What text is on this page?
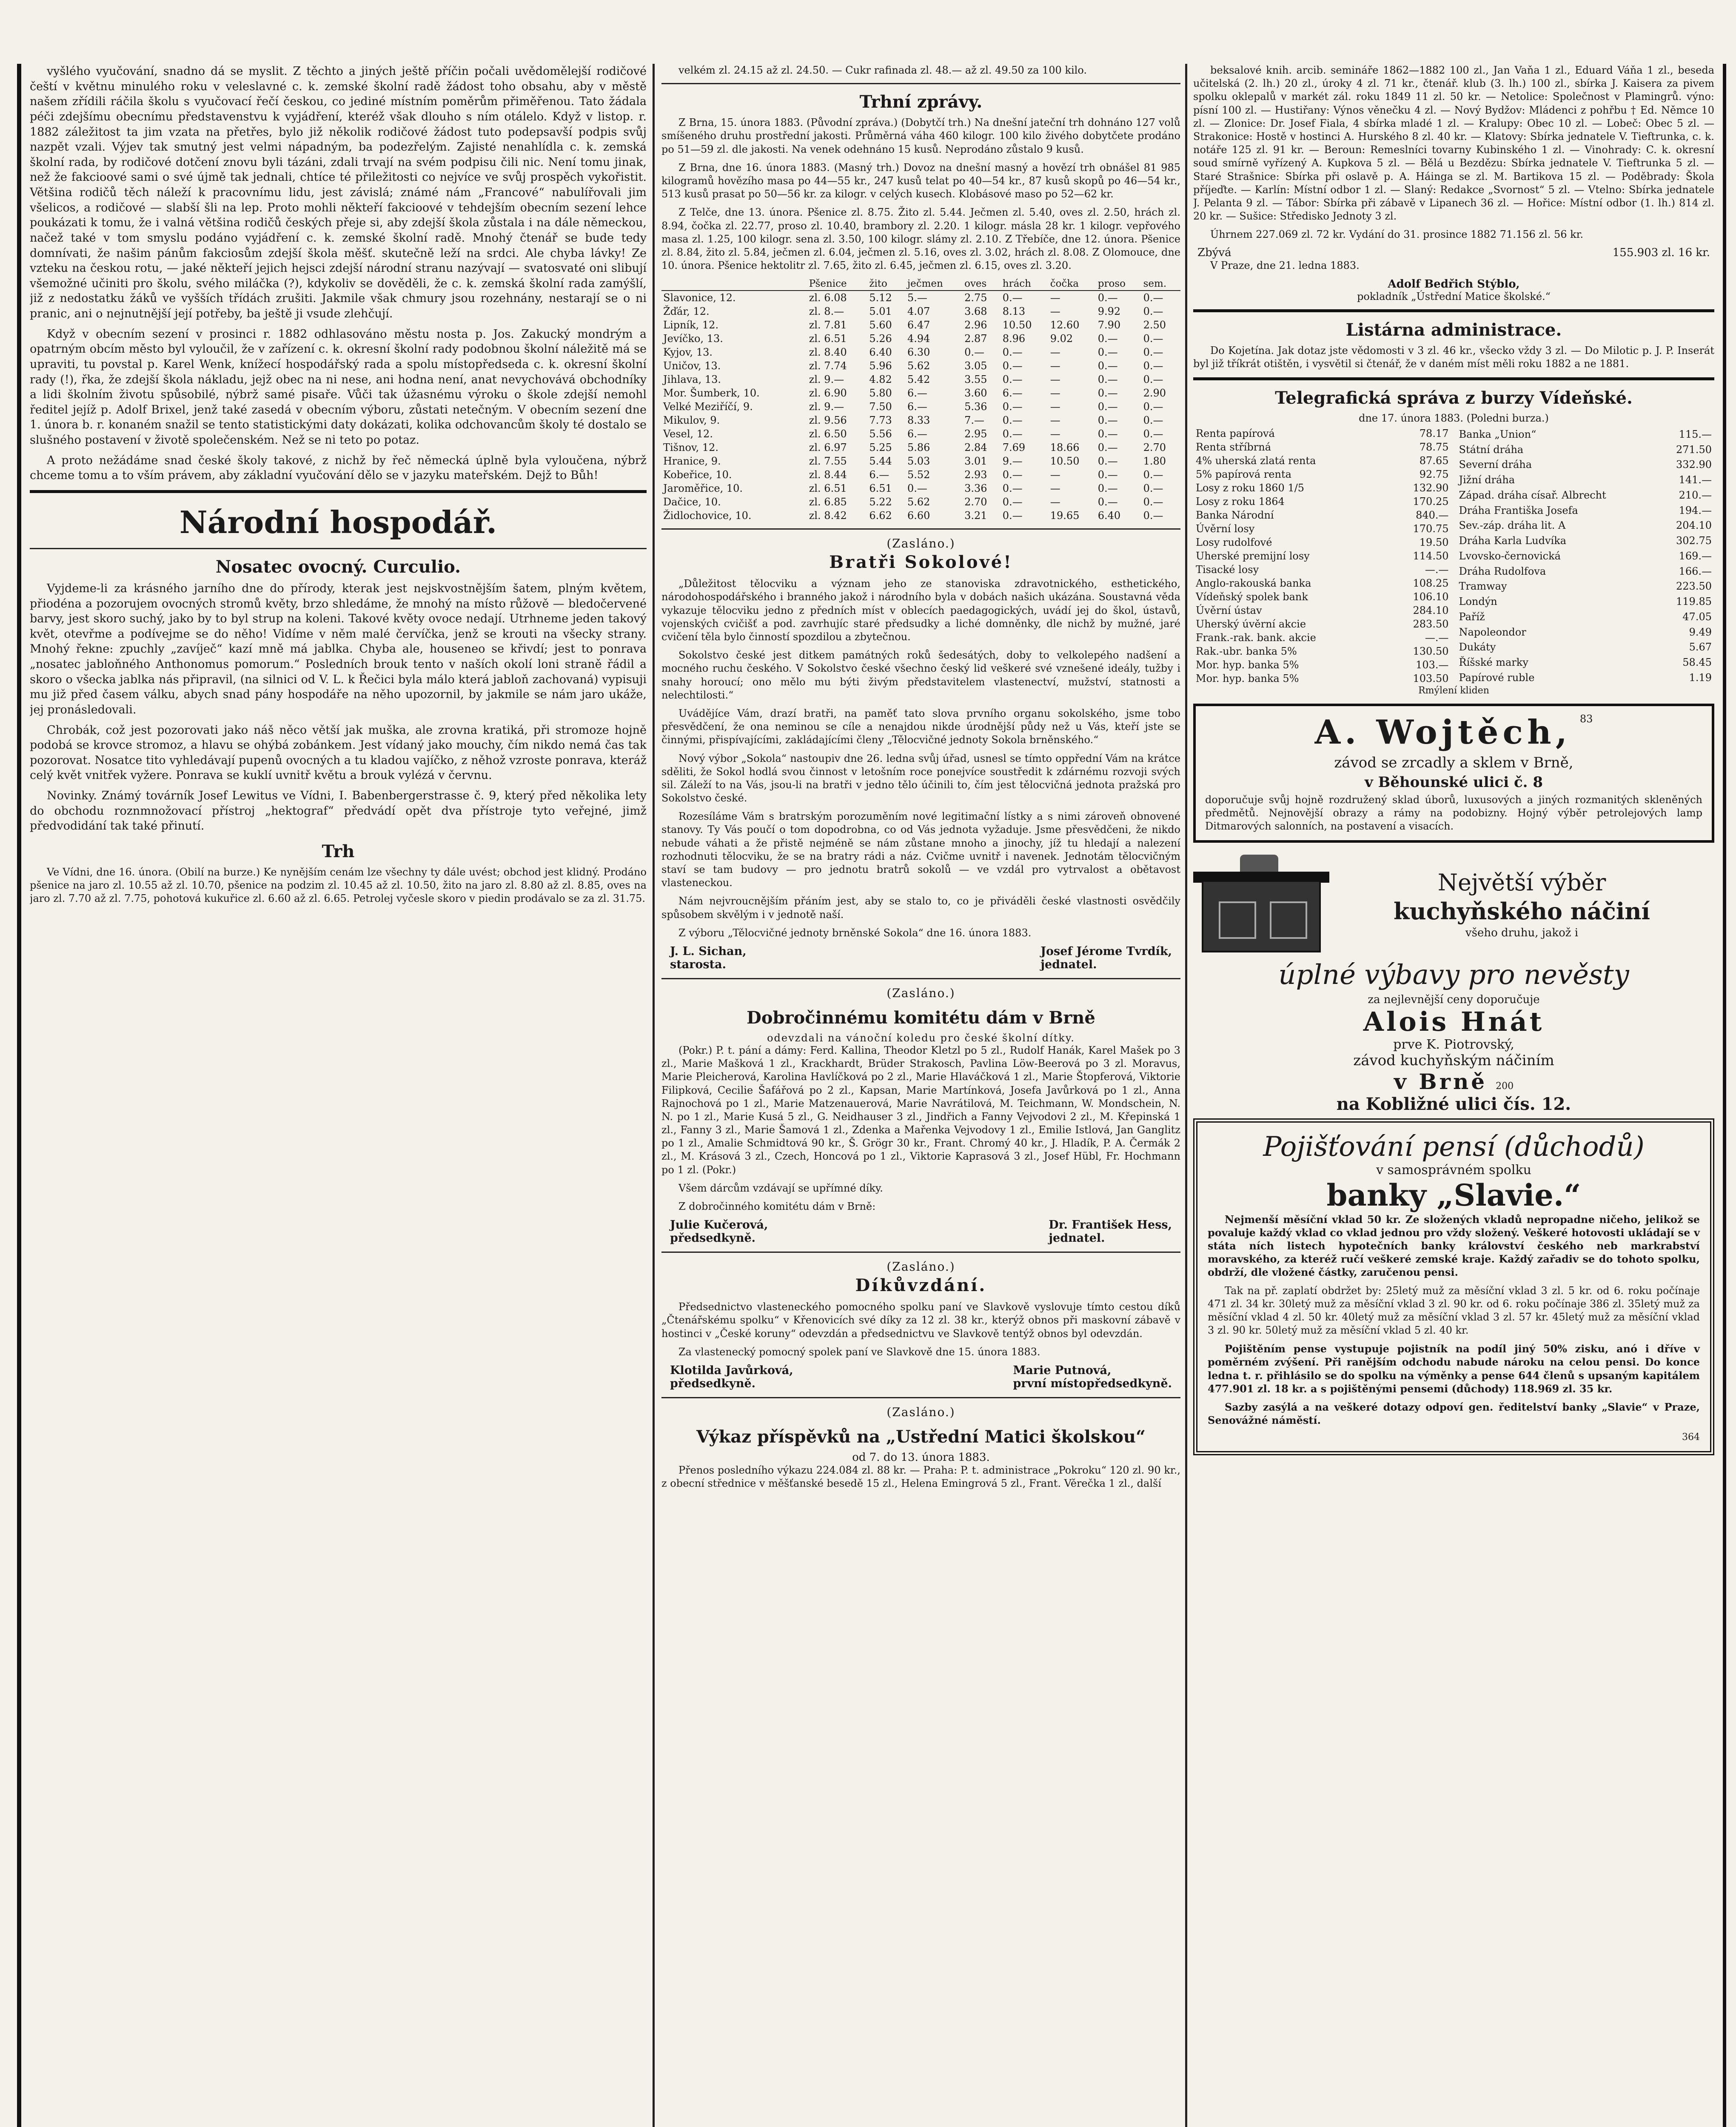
vyšlého vyučování, snadno dá se myslit. Z těchto a jiných ještě příčin počali uvědomělejší rodičové čeští v květnu minulého roku v veleslavné c. k. zemské školní radě žádost toho obsahu, aby v městě našem zřídili ráčila školu s vyučovací řečí českou, co jediné místním poměrům přiměřenou. Tato žádala péči zdejšímu obecnímu představenstvu k vyjádření, kteréž však dlouho s ním otálelo. Když v listop. r. 1882 záležitost ta jim vzata na přetřes, bylo již několik rodičové žádost tuto podepsavší podpis svůj nazpět vzali. Výjev tak smutný jest velmi nápadným, ba podezřelým. Zajisté nenahlídla c. k. zemská školní rada, by rodičové dotčení znovu byli tázáni, zdali trvají na svém podpisu čili nic. Není tomu jinak, než že fakcioové sami o své újmě tak jednali, chtíce té přiležitosti co nejvíce ve svůj prospěch vykořistit. Většina rodičů těch náleží k pracovnímu lidu, jest závislá; známé nám „Francové“ nabulířovali jim všelicos, a rodičové — slabší šli na lep. Proto mohli někteří fakcioové v tehdejším obecním sezení lehce poukázati k tomu, že i valná většina rodičů českých přeje si, aby zdejší škola zůstala i na dále německou, načež také v tom smyslu podáno vyjádření c. k. zemské školní radě. Mnohý čtenář se bude tedy domnívati, že našim pánům fakciosům zdejší škola měšť. skutečně leží na srdci. Ale chyba lávky! Ze vzteku na českou rotu, — jaké někteří jejich hejsci zdejší národní stranu nazývají — svatosvaté oni slibují všemožné učiniti pro školu, svého miláčka (?), kdykoliv se dověděli, že c. k. zemská školní rada zamýšlí, již z nedostatku žáků ve vyšších třídách zrušiti. Jakmile však chmury jsou rozehnány, nestarají se o ni pranic, ani o nejnutnější její potřeby, ba ještě ji vsude zlehčují.

Když v obecním sezení v prosinci r. 1882 odhlasováno městu nosta p. Jos. Zakucký mondrým a opatrným obcím město byl vyloučil, že v zařízení c. k. okresní školní rady podobnou školní náležitě má se upraviti, tu povstal p. Karel Wenk, knížecí hospodářský rada a spolu místopředseda c. k. okresní školní rady (!), řka, že zdejší škola nákladu, jejž obec na ni nese, ani hodna není, anat nevychovává obchodníky a lidi školním životu spůsobilé, nýbrž samé pisaře. Vůči tak úžasnému výroku o škole zdejší nemohl ředitel jejíž p. Adolf Brixel, jenž také zasedá v obecním výboru, zůstati netečným. V obecním sezení dne 1. února b. r. konaném snažil se tento statistickými daty dokázati, kolika odchovancům školy té dostalo se slušného postavení v životě společenském. Než se ni teto po potaz.

A proto nežádáme snad české školy takové, z nichž by řeč německá úplně byla vyloučena, nýbrž chceme tomu a to vším právem, aby základní vyučování dělo se v jazyku mateřském. Dejž to Bůh!

Národní hospodář.
Nosatec ovocný. Curculio.

Vyjdeme-li za krásného jarního dne do přírody, kterak jest nejskvostnějším šatem, plným květem, přiodéna a pozorujem ovocných stromů květy, brzo shledáme, že mnohý na místo růžově — bledočervené barvy, jest skoro suchý, jako by to byl strup na koleni. Takové květy ovoce nedají. Utrhneme jeden takový květ, otevřme a podívejme se do něho! Vidíme v něm malé červíčka, jenž se krouti na všecky strany. Mnohý řekne: zpuchly „zavíječ“ kazí mně má jablka. Chyba ale, houseneo se křivdí; jest to ponrava „nosatec jabloňného Anthonomus pomorum.“ Posledních brouk tento v naších okolí loni straně řádil a skoro o všecka jablka nás připravil, (na silnici od V. L. k Řečici byla málo která jabloň zachovaná) vypisuji mu již před časem válku, abych snad pány hospodáře na něho upozornil, by jakmile se nám jaro ukáže, jej pronásledovali.

Chrobák, což jest pozorovati jako náš něco větší jak muška, ale zrovna kratiká, při stromoze hojně podobá se krovce stromoz, a hlavu se ohýbá zobánkem. Jest vídaný jako mouchy, čím nikdo nemá čas tak pozorovat. Nosatce tito vyhledávají pupenů ovocných a tu kladou vajíčko, z něhož vzroste ponrava, kteráž celý květ vnitřek vyžere. Ponrava se kuklí uvnitř květu a brouk vylézá v červnu.

Novinky. Známý továrník Josef Lewitus ve Vídni, I. Babenbergerstrasse č. 9, který před několika lety do obchodu roznmnožovací přístroj „hektograf“ předvádí opět dva přístroje tyto veřejné, jimž předvodidání tak také přinutí.

Trh

Ve Vídni, dne 16. února. (Obilí na burze.) Ke nynějším cenám lze všechny ty dále uvést; obchod jest klidný. Prodáno pšenice na jaro zl. 10.55 až zl. 10.70, pšenice na podzim zl. 10.45 až zl. 10.50, žito na jaro zl. 8.80 až zl. 8.85, oves na jaro zl. 7.70 až zl. 7.75, pohotová kukuřice zl. 6.60 až zl. 6.65. Petrolej vyčesle skoro v piedin prodávalo se za zl. 31.75.

velkém zl. 24.15 až zl. 24.50. — Cukr rafinada zl. 48.— až zl. 49.50 za 100 kilo.

Trhní zprávy.

Z Brna, 15. února 1883. (Původní zpráva.) (Dobytčí trh.) Na dnešní jateční trh dohnáno 127 volů smíšeného druhu prostřední jakosti. Průměrná váha 460 kilogr. 100 kilo živého dobytčete prodáno po 51—59 zl. dle jakosti. Na venek odehnáno 15 kusů. Neprodáno zůstalo 9 kusů.

Z Brna, dne 16. února 1883. (Masný trh.) Dovoz na dnešní masný a hovězí trh obnášel 81 985 kilogramů hovězího masa po 44—55 kr., 247 kusů telat po 40—54 kr., 87 kusů skopů po 46—54 kr., 513 kusů prasat po 50—56 kr. za kilogr. v celých kusech. Klobásové maso po 52—62 kr.

Z Telče, dne 13. února. Pšenice zl. 8.75. Žito zl. 5.44. Ječmen zl. 5.40, oves zl. 2.50, hrách zl. 8.94, čočka zl. 22.77, proso zl. 10.40, brambory zl. 2.20. 1 kilogr. másla 28 kr. 1 kilogr. vepřového masa zl. 1.25, 100 kilogr. sena zl. 3.50, 100 kilogr. slámy zl. 2.10. Z Třebíče, dne 12. února. Pšenice zl. 8.84, žito zl. 5.84, ječmen zl. 6.04, ječmen zl. 5.16, oves zl. 3.02, hrách zl. 8.08. Z Olomouce, dne 10. února. Pšenice hektolitr zl. 7.65, žito zl. 6.45, ječmen zl. 6.15, oves zl. 3.20.

	Pšenice	žito	ječmen	oves	hrách	čočka	proso	sem.
Slavonice, 12.	zl. 6.08	5.12	5.—	2.75	0.—	—	0.—	0.—
Žďár, 12.	zl. 8.—	5.01	4.07	3.68	8.13	—	9.92	0.—
Lipník, 12.	zl. 7.81	5.60	6.47	2.96	10.50	12.60	7.90	2.50
Jevíčko, 13.	zl. 6.51	5.26	4.94	2.87	8.96	9.02	0.—	0.—
Kyjov, 13.	zl. 8.40	6.40	6.30	0.—	0.—	—	0.—	0.—
Uničov, 13.	zl. 7.74	5.96	5.62	3.05	0.—	—	0.—	0.—
Jihlava, 13.	zl. 9.—	4.82	5.42	3.55	0.—	—	0.—	0.—
Mor. Šumberk, 10.	zl. 6.90	5.80	6.—	3.60	6.—	—	0.—	2.90
Velké Meziříčí, 9.	zl. 9.—	7.50	6.—	5.36	0.—	—	0.—	0.—
Mikulov, 9.	zl. 9.56	7.73	8.33	7.—	0.—	—	0.—	0.—
Vesel, 12.	zl. 6.50	5.56	6.—	2.95	0.—	—	0.—	0.—
Tišnov, 12.	zl. 6.97	5.25	5.86	2.84	7.69	18.66	0.—	2.70
Hranice, 9.	zl. 7.55	5.44	5.03	3.01	9.—	10.50	0.—	1.80
Kobeřice, 10.	zl. 8.44	6.—	5.52	2.93	0.—	—	0.—	0.—
Jaroměřice, 10.	zl. 6.51	6.51	0.—	3.36	0.—	—	0.—	0.—
Dačice, 10.	zl. 6.85	5.22	5.62	2.70	0.—	—	0.—	0.—
Židlochovice, 10.	zl. 8.42	6.62	6.60	3.21	0.—	19.65	6.40	0.—
(Zasláno.)
Bratři Sokolové!

„Důležitost tělocviku a význam jeho ze stanoviska zdravotnického, esthetického, národohospodářského i branného jakož i národního byla v dobách našich ukázána. Soustavná věda vykazuje tělocviku jedno z předních míst v oblecích paedagogických, uvádí jej do škol, ústavů, vojenských cvičišť a pod. zavrhujíc staré předsudky a liché domněnky, dle nichž by mužné, jaré cvičení těla bylo činností spozdilou a zbytečnou.

Sokolstvo české jest ditkem památných roků šedesátých, doby to velkolepého nadšení a mocného ruchu českého. V Sokolstvo české všechno český lid veškeré své vznešené ideály, tužby i snahy horoucí; ono mělo mu býti živým představitelem vlastenectví, mužství, statnosti a nelechtilosti.“

Uvádějíce Vám, drazí bratři, na paměť tato slova prvního organu sokolského, jsme tobo přesvědčení, že ona neminou se cíle a nenajdou nikde úrodnější půdy než u Vás, kteří jste se činnými, přispívajícími, zakládajícími členy „Tělocvičné jednoty Sokola brněnského.“

Nový výbor „Sokola“ nastoupiv dne 26. ledna svůj úřad, usnesl se tímto oppřední Vám na krátce sděliti, že Sokol hodlá svou činnost v letošním roce ponejvíce soustředit k zdárnému rozvoji svých sil. Záleží to na Vás, jsou-li na bratři v jedno tělo účinili to, čím jest tělocvičná jednota pražská pro Sokolstvo české.

Rozesíláme Vám s bratrským porozuměním nové legitimační lístky a s nimi zároveň obnovené stanovy. Ty Vás poučí o tom dopodrobna, co od Vás jednota vyžaduje. Jsme přesvědčeni, že nikdo nebude váhati a že přistě nejméně se nám zůstane mnoho a jinochy, jíž tu hledají a nalezení rozhodnuti tělocviku, že se na bratry rádi a náz. Cvičme uvnitř i navenek. Jednotám tělocvičným staví se tam budovy — pro jednotu bratrů sokolů — ve vzdál pro vytrvalost a obětavost vlasteneckou.

Nám nejvroucnějším přáním jest, aby se stalo to, co je přiváděli české vlastnosti osvědčily spůsobem skvělým i v jednotě naší.

Z výboru „Tělocvičné jednoty brněnské Sokola“ dne 16. února 1883.

J. L. Sichan,
starosta.
Josef Jérome Tvrdík,
jednatel.
(Zasláno.)
Dobročinnému komitétu dám v Brně
odevzdali na vánoční koledu pro české školní dítky.

(Pokr.) P. t. pání a dámy: Ferd. Kallina, Theodor Kletzl po 5 zl., Rudolf Hanák, Karel Mašek po 3 zl., Marie Mašková 1 zl., Krackhardt, Brüder Strakosch, Pavlina Löw-Beerová po 3 zl. Moravus, Marie Pleicherová, Karolina Havlíčková po 2 zl., Marie Hlaváčková 1 zl., Marie Štopferová, Viktorie Filipková, Cecilie Šafářová po 2 zl., Kapsan, Marie Martínková, Josefa Javůrková po 1 zl., Anna Rajnochová po 1 zl., Marie Matzenauerová, Marie Navrátilová, M. Teichmann, W. Mondschein, N. N. po 1 zl., Marie Kusá 5 zl., G. Neidhauser 3 zl., Jindřich a Fanny Vejvodovi 2 zl., M. Křepinská 1 zl., Fanny 3 zl., Marie Šamová 1 zl., Zdenka a Mařenka Vejvodovy 1 zl., Emilie Istlová, Jan Ganglitz po 1 zl., Amalie Schmidtová 90 kr., Š. Grögr 30 kr., Frant. Chromý 40 kr., J. Hladík, P. A. Čermák 2 zl., M. Krásová 3 zl., Czech, Honcová po 1 zl., Viktorie Kaprasová 3 zl., Josef Hübl, Fr. Hochmann po 1 zl. (Pokr.)

Všem dárcům vzdávají se upřímné díky.

Z dobročinného komitétu dám v Brně:

Julie Kučerová,
předsedkyně.
Dr. František Hess,
jednatel.
(Zasláno.)
Díkůvzdání.

Předsednictvo vlasteneckého pomocného spolku paní ve Slavkově vyslovuje tímto cestou díků „Čtenářskému spolku“ v Křenovicích své díky za 12 zl. 38 kr., kterýž obnos při maskovní zábavě v hostinci v „České koruny“ odevzdán a předsednictvu ve Slavkově tentýž obnos byl odevzdán.

Za vlastenecký pomocný spolek paní ve Slavkově dne 15. února 1883.

Klotilda Javůrková,
předsedkyně.
Marie Putnová,
první místopředsedkyně.
(Zasláno.)
Výkaz příspěvků na „Ustřední Matici školskou“
od 7. do 13. února 1883.

Přenos posledního výkazu 224.084 zl. 88 kr. — Praha: P. t. administrace „Pokroku“ 120 zl. 90 kr., z obecní střednice v měšťanské besedě 15 zl., Helena Emingrová 5 zl., Frant. Věrečka 1 zl., další

beksalové knih. arcib. semináře 1862—1882 100 zl., Jan Vaňa 1 zl., Eduard Váňa 1 zl., beseda učitelská (2. lh.) 20 zl., úroky 4 zl. 71 kr., čtenář. klub (3. lh.) 100 zl., sbírka J. Kaisera za pivem spolku oklepalů v markét zál. roku 1849 11 zl. 50 kr. — Netolice: Společnost v Plamingrů. výno: písní 100 zl. — Hustiřany: Výnos věnečku 4 zl. — Nový Bydžov: Mládenci z pohřbu † Ed. Němce 10 zl. — Zlonice: Dr. Josef Fiala, 4 sbírka mladé 1 zl. — Kralupy: Obec 10 zl. — Lobeč: Obec 5 zl. — Strakonice: Hostě v hostinci A. Hurského 8 zl. 40 kr. — Klatovy: Sbírka jednatele V. Tieftrunka, c. k. notáře 125 zl. 91 kr. — Beroun: Remeslníci tovarny Kubinského 1 zl. — Vinohrady: C. k. okresní soud smírně vyřízený A. Kupkova 5 zl. — Bělá u Bezdězu: Sbírka jednatele V. Tieftrunka 5 zl. — Staré Strašnice: Sbírka při oslavě p. A. Háinga se zl. M. Bartikova 15 zl. — Poděbrady: Škola příjeďte. — Karlín: Místní odbor 1 zl. — Slaný: Redakce „Svornost“ 5 zl. — Vtelno: Sbírka jednatele J. Pelanta 9 zl. — Tábor: Sbírka při zábavě v Lipanech 36 zl. — Hořice: Místní odbor (1. lh.) 814 zl. 20 kr. — Sušice: Středisko Jednoty 3 zl.

Úhrnem 227.069 zl. 72 kr. Vydání do 31. prosince 1882 71.156 zl. 56 kr.

Zbývá	155.903 zl. 16 kr.

V Praze, dne 21. ledna 1883.

Adolf Bedřich Stýblo,
pokladník „Ústřední Matice školské.“
Listárna administrace.

Do Kojetína. Jak dotaz jste vědomosti v 3 zl. 46 kr., všecko vždy 3 zl. — Do Milotic p. J. P. Inserát byl již tříkrát otištěn, i vysvětil si čtenář, že v daném míst měli roku 1882 a ne 1881.

Telegrafická správa z burzy Vídeňské.
dne 17. února 1883. (Poledni burza.)
Renta papírová	78.17
Renta stříbrná	78.75
4% uherská zlatá renta	87.65
5% papírová renta	92.75
Losy z roku 1860 1/5	132.90
Losy z roku 1864	170.25
Banka Národní	840.—
Úvěrní losy	170.75
Losy rudolfové	19.50
Uherské premijní losy	114.50
Tisacké losy	—.—
Anglo-rakouská banka	108.25
Vídeňský spolek bank	106.10
Úvěrní ústav	284.10
Uherský úvěrní akcie	283.50
Frank.-rak. bank. akcie	—.—
Rak.-ubr. banka 5%	130.50
Mor. hyp. banka 5%	103.—
Mor. hyp. banka 5%	103.50
Banka „Union“	115.—
Státní dráha	271.50
Severní dráha	332.90
Jižní dráha	141.—
Západ. dráha císař. Albrecht	210.—
Dráha Františka Josefa	194.—
Sev.-záp. dráha lit. A	204.10
Dráha Karla Ludvíka	302.75
Lvovsko-černovická	169.—
Dráha Rudolfova	166.—
Tramway	223.50
Londýn	119.85
Paříž	47.05
Napoleondor	9.49
Dukáty	5.67
Říšské marky	58.45
Papírové ruble	1.19
Rmýlení kliden
A. Wojtěch, 83
závod se zrcadly a sklem v Brně,
v Běhounské ulici č. 8
doporučuje svůj hojně rozdružený sklad úborů, luxusových a jiných rozmanitých skleněných předmětů. Nejnovější obrazy a rámy na podobizny. Hojný výběr petrolejových lamp Ditmarových salonních, na postavení a visacích.
Největší výběr
kuchyňského náčiní
všeho druhu, jakož i
úplné výbavy pro nevěsty
za nejlevnější ceny doporučuje
Alois Hnát
prve K. Piotrovský,
závod kuchyňským náčiním
v Brně 200
na Kobližné ulici čís. 12.
Pojišťování pensí (důchodů)
v samosprávném spolku
banky „Slavie.“

Nejmenší měsíční vklad 50 kr. Ze složených vkladů nepropadne ničeho, jelikož se povaluje každý vklad co vklad jednou pro vždy složený. Veškeré hotovosti ukládají se v státa ních listech hypotečních banky království českého neb markrabství moravského, za kteréž ručí veškeré zemské kraje. Každý zařadiv se do tohoto spolku, obdrží, dle vložené částky, zaručenou pensi.

Tak na př. zaplatí obdržet by: 25letý muž za měsíční vklad 3 zl. 5 kr. od 6. roku počínaje 471 zl. 34 kr. 30letý muž za měsíční vklad 3 zl. 90 kr. od 6. roku počínaje 386 zl. 35letý muž za měsíční vklad 4 zl. 50 kr. 40letý muž za měsíční vklad 3 zl. 57 kr. 45letý muž za měsíční vklad 3 zl. 90 kr. 50letý muž za měsíční vklad 5 zl. 40 kr.

Pojištěním pense vystupuje pojistník na podíl jiný 50% zisku, anó i dříve v poměrném zvýšení. Při ranějším odchodu nabude nároku na celou pensi. Do konce ledna t. r. přihlásilo se do spolku na výměnky a pense 644 členů s upsaným kapitálem 477.901 zl. 18 kr. a s pojištěnými pensemi (důchody) 118.969 zl. 35 kr.

Sazby zasýlá a na veškeré dotazy odpoví gen. ředitelství banky „Slavie“ v Praze, Senovážné náměstí.

364
